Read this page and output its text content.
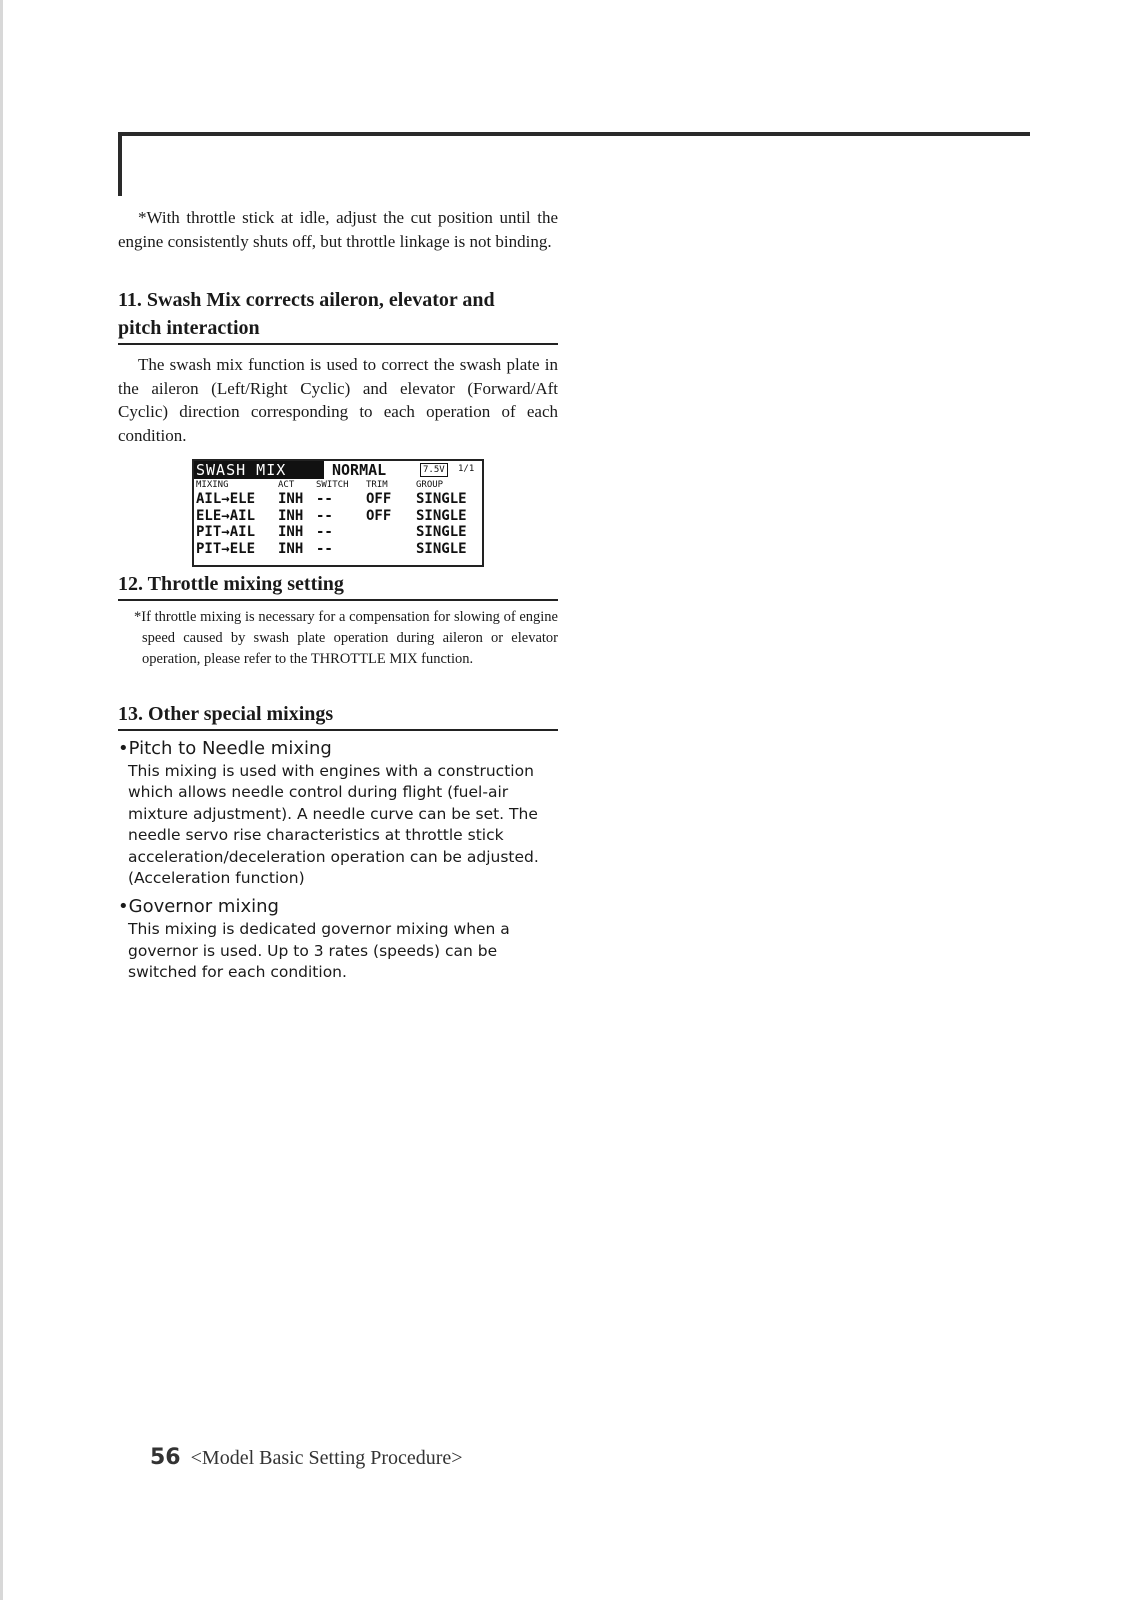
*With throttle stick at idle, adjust the cut position until the engine consistently shuts off, but throttle linkage is not binding.

11. Swash Mix corrects aileron, elevator and
pitch interaction

The swash mix function is used to correct the swash plate in the aileron (Left/Right Cyclic) and elevator (Forward/Aft Cyclic) direction corresponding to each operation of each condition.

SWASH MIX	NORMAL	7.5V	1/1
MIXING	ACT SWITCH TRIM	GROUP
AIL→ELE INH -- OFF SINGLE
ELE→AIL INH -- OFF SINGLE
PIT→AIL INH --	SINGLE
PIT→ELE INH --	SINGLE
12. Throttle mixing setting

*If throttle mixing is necessary for a compensation for slowing of engine speed caused by swash plate operation during aileron or elevator operation, please refer to the THROTTLE MIX function.

13. Other special mixings

•Pitch to Needle mixing

This mixing is used with engines with a construction which allows needle control during flight (fuel-air mixture adjustment). A needle curve can be set. The needle servo rise characteristics at throttle stick acceleration/deceleration operation can be adjusted. (Acceleration function)

•Governor mixing

This mixing is dedicated governor mixing when a governor is used. Up to 3 rates (speeds) can be switched for each condition.

56 <Model Basic Setting Procedure>
